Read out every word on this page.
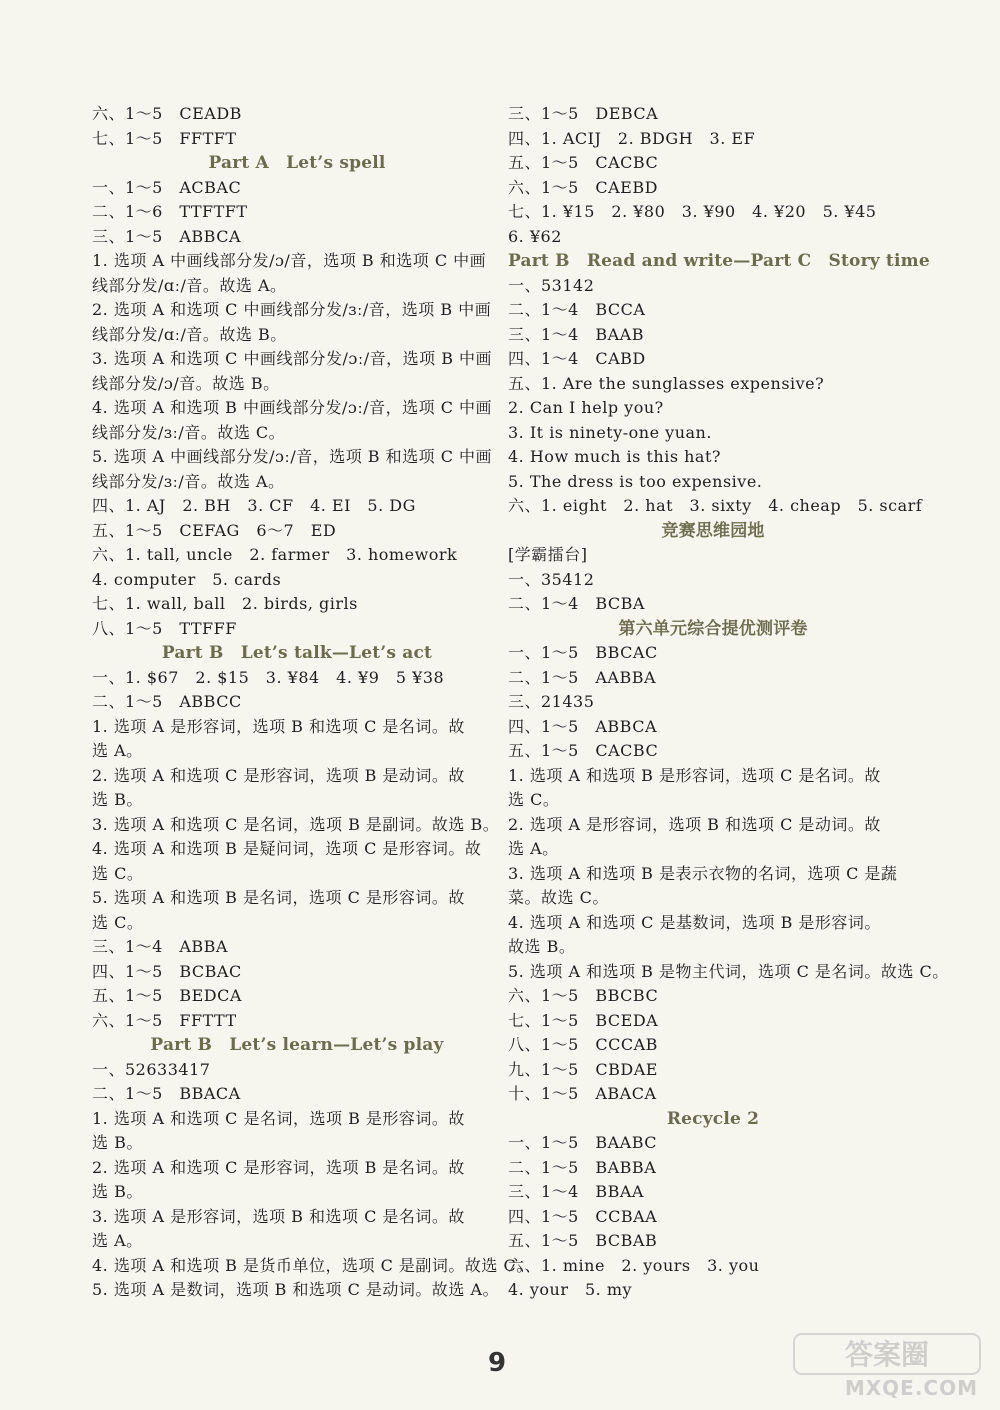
六、1～5　CEADB
七、1～5　FFTFT
Part A　Let’s spell
一、1～5　ACBAC
二、1～6　TTFTFT
三、1～5　ABBCA
1. 选项 A 中画线部分发/ɔ/音，选项 B 和选项 C 中画
线部分发/ɑː/音。故选 A。
2. 选项 A 和选项 C 中画线部分发/ɜː/音，选项 B 中画
线部分发/ɑː/音。故选 B。
3. 选项 A 和选项 C 中画线部分发/ɔː/音，选项 B 中画
线部分发/ɔ/音。故选 B。
4. 选项 A 和选项 B 中画线部分发/ɔː/音，选项 C 中画
线部分发/ɜː/音。故选 C。
5. 选项 A 中画线部分发/ɔː/音，选项 B 和选项 C 中画
线部分发/ɜː/音。故选 A。
四、1. AJ　2. BH　3. CF　4. EI　5. DG
五、1～5　CEFAG　6～7　ED
六、1. tall, uncle　2. farmer　3. homework
4. computer　5. cards
七、1. wall, ball　2. birds, girls
八、1～5　TTFFF
Part B　Let’s talk—Let’s act
一、1. $67　2. $15　3. ¥84　4. ¥9　5 ¥38
二、1～5　ABBCC
1. 选项 A 是形容词，选项 B 和选项 C 是名词。故
选 A。
2. 选项 A 和选项 C 是形容词，选项 B 是动词。故
选 B。
3. 选项 A 和选项 C 是名词，选项 B 是副词。故选 B。
4. 选项 A 和选项 B 是疑问词，选项 C 是形容词。故
选 C。
5. 选项 A 和选项 B 是名词，选项 C 是形容词。故
选 C。
三、1～4　ABBA
四、1～5　BCBAC
五、1～5　BEDCA
六、1～5　FFTTT
Part B　Let’s learn—Let’s play
一、52633417
二、1～5　BBACA
1. 选项 A 和选项 C 是名词，选项 B 是形容词。故
选 B。
2. 选项 A 和选项 C 是形容词，选项 B 是名词。故
选 B。
3. 选项 A 是形容词，选项 B 和选项 C 是名词。故
选 A。
4. 选项 A 和选项 B 是货币单位，选项 C 是副词。故选 C。
5. 选项 A 是数词，选项 B 和选项 C 是动词。故选 A。
三、1～5　DEBCA
四、1. ACIJ　2. BDGH　3. EF
五、1～5　CACBC
六、1～5　CAEBD
七、1. ¥15　2. ¥80　3. ¥90　4. ¥20　5. ¥45
6. ¥62
Part B　Read and write—Part C　Story time
一、53142
二、1～4　BCCA
三、1～4　BAAB
四、1～4　CABD
五、1. Are the sunglasses expensive?
2. Can I help you?
3. It is ninety-one yuan.
4. How much is this hat?
5. The dress is too expensive.
六、1. eight　2. hat　3. sixty　4. cheap　5. scarf
竞赛思维园地
[学霸擂台]
一、35412
二、1～4　BCBA
第六单元综合提优测评卷
一、1～5　BBCAC
二、1～5　AABBA
三、21435
四、1～5　ABBCA
五、1～5　CACBC
1. 选项 A 和选项 B 是形容词，选项 C 是名词。故
选 C。
2. 选项 A 是形容词，选项 B 和选项 C 是动词。故
选 A。
3. 选项 A 和选项 B 是表示衣物的名词，选项 C 是蔬
菜。故选 C。
4. 选项 A 和选项 C 是基数词，选项 B 是形容词。
故选 B。
5. 选项 A 和选项 B 是物主代词，选项 C 是名词。故选 C。
六、1～5　BBCBC
七、1～5　BCEDA
八、1～5　CCCAB
九、1～5　CBDAE
十、1～5　ABACA
Recycle 2
一、1～5　BAABC
二、1～5　BABBA
三、1～4　BBAA
四、1～5　CCBAA
五、1～5　BCBAB
六、1. mine　2. yours　3. you
4. your　5. my
9	答案圈
MXQE.COM
